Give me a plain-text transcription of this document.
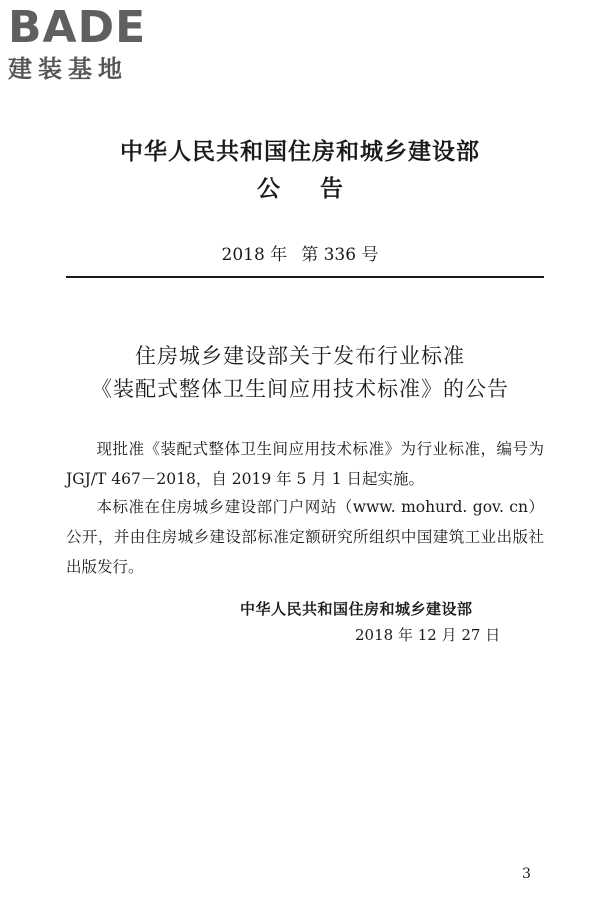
BADE
建装基地
中华人民共和国住房和城乡建设部
公 告
2018 年 第 336 号
住房城乡建设部关于发布行业标准
《装配式整体卫生间应用技术标准》的公告
现批准《装配式整体卫生间应用技术标准》为行业标准，编号为 JGJ/T 467－2018，自 2019 年 5 月 1 日起实施。
本标准在住房城乡建设部门户网站（www. mohurd. gov. cn）公开，并由住房城乡建设部标准定额研究所组织中国建筑工业出版社出版发行。
中华人民共和国住房和城乡建设部
2018 年 12 月 27 日
3
